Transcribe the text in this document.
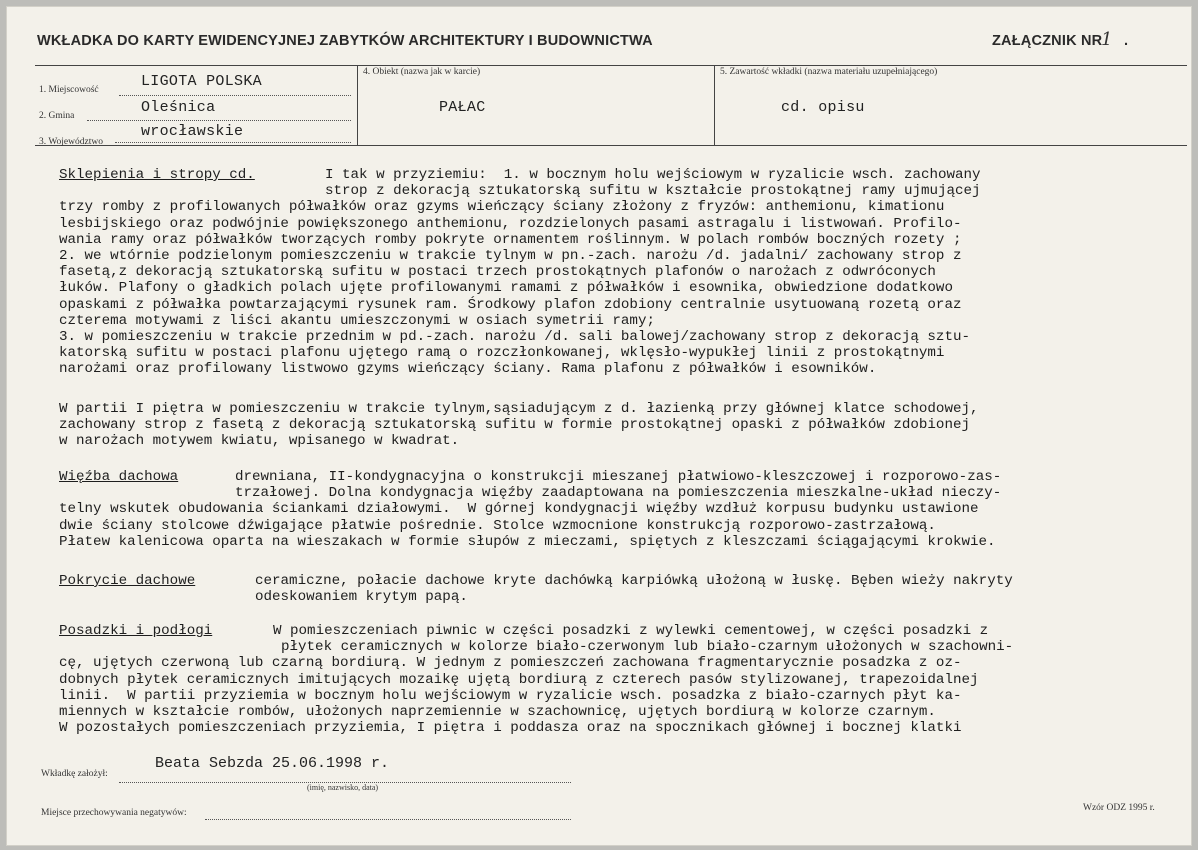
WKŁADKA DO KARTY EWIDENCYJNEJ ZABYTKÓW ARCHITEKTURY I BUDOWNICTWA	ZAŁĄCZNIK NR
1 .
1. Miejscowość	LIGOTA POLSKA
2. Gmina	Oleśnica
3. Województwo
wrocławskie
4. Obiekt (nazwa jak w karcie)
PAŁAC
5. Zawartość wkładki (nazwa materiału uzupełniającego)
cd. opisu
Sklepienia i stropy cd.	I tak w przyziemiu:  1. w bocznym holu wejściowym w ryzalicie wsch. zachowany
strop z dekoracją sztukatorską sufitu w kształcie prostokątnej ramy ujmującej
trzy romby z profilowanych półwałków oraz gzyms wieńczący ściany złożony z fryzów: anthemionu, kimationu
lesbijskiego oraz podwójnie powiększonego anthemionu, rozdzielonych pasami astragalu i listwowań. Profilo-
wania ramy oraz półwałków tworzących romby pokryte ornamentem roślinnym. W polach rombów boczných rozety ;
2. we wtórnie podzielonym pomieszczeniu w trakcie tylnym w pn.-zach. narożu /d. jadalni/ zachowany strop z
fasetą,z dekoracją sztukatorską sufitu w postaci trzech prostokątnych plafonów o narożach z odwróconych
łuków. Plafony o gładkich polach ujęte profilowanymi ramami z półwałków i esownika, obwiedzione dodatkowo
opaskami z półwałka powtarzającymi rysunek ram. Środkowy plafon zdobiony centralnie usytuowaną rozetą oraz
czterema motywami z liści akantu umieszczonymi w osiach symetrii ramy;
3. w pomieszczeniu w trakcie przednim w pd.-zach. narożu /d. sali balowej/zachowany strop z dekoracją sztu-
katorską sufitu w postaci plafonu ujętego ramą o rozczłonkowanej, wklęsło-wypukłej linii z prostokątnymi
narożami oraz profilowany listwowo gzyms wieńczący ściany. Rama plafonu z półwałków i esowników.
W partii I piętra w pomieszczeniu w trakcie tylnym,sąsiadującym z d. łazienką przy głównej klatce schodowej,
zachowany strop z fasetą z dekoracją sztukatorską sufitu w formie prostokątnej opaski z półwałków zdobionej
w narożach motywem kwiatu, wpisanego w kwadrat.
Więźba dachowa	drewniana, II-kondygnacyjna o konstrukcji mieszanej płatwiowo-kleszczowej i rozporowo-zas-
trzałowej. Dolna kondygnacja więźby zaadaptowana na pomieszczenia mieszkalne-układ nieczy-
telny wskutek obudowania ściankami działowymi.  W górnej kondygnacji więźby wzdłuż korpusu budynku ustawione
dwie ściany stolcowe dźwigające płatwie pośrednie. Stolce wzmocnione konstrukcją rozporowo-zastrzałową.
Płatew kalenicowa oparta na wieszakach w formie słupów z mieczami, spiętych z kleszczami ściągającymi krokwie.
Pokrycie dachowe	ceramiczne, połacie dachowe kryte dachówką karpiówką ułożoną w łuskę. Bęben wieży nakryty
odeskowaniem krytym papą.
Posadzki i podłogi	W pomieszczeniach piwnic w części posadzki z wylewki cementowej, w części posadzki z
płytek ceramicznych w kolorze biało-czerwonym lub biało-czarnym ułożonych w szachowni-
cę, ujętych czerwoną lub czarną bordiurą. W jednym z pomieszczeń zachowana fragmentarycznie posadzka z oz-
dobnych płytek ceramicznych imitujących mozaikę ujętą bordiurą z czterech pasów stylizowanej, trapezoidalnej
linii.  W partii przyziemia w bocznym holu wejściowym w ryzalicie wsch. posadzka z biało-czarnych płyt ka-
miennych w kształcie rombów, ułożonych naprzemiennie w szachownicę, ujętych bordiurą w kolorze czarnym.
W pozostałych pomieszczeniach przyziemia, I piętra i poddasza oraz na spocznikach głównej i bocznej klatki
Wkładkę założył:
Beata Sebzda 25.06.1998 r.
(imię, nazwisko, data)
Miejsce przechowywania negatywów:	Wzór ODZ 1995 r.
